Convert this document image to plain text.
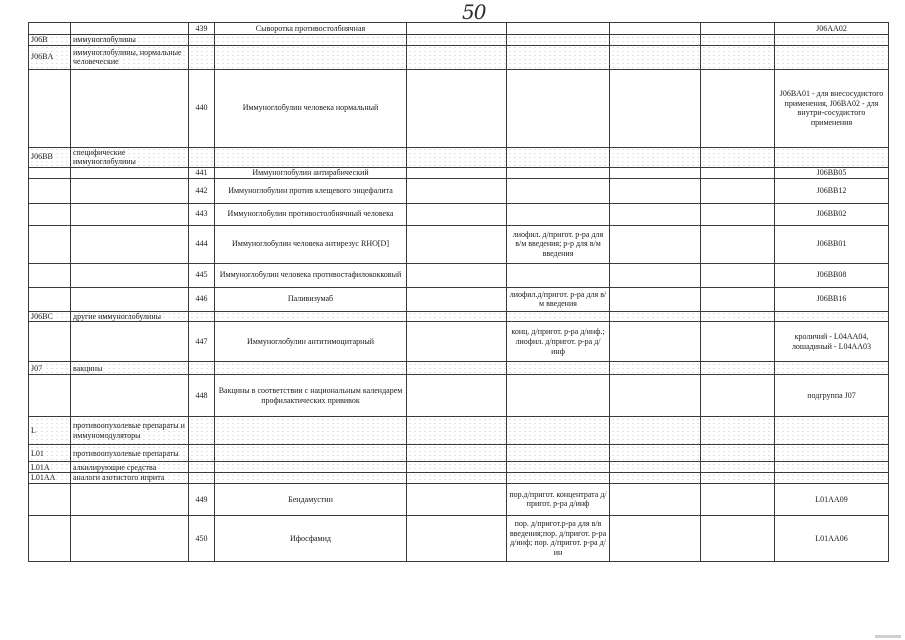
50
		439	Сыворотка противостолбнячная					J06AA02
J06B	иммуноглобулины							
J06BA	иммуноглобулины, нормальные человеческие							
		440	Иммуноглобулин человека нормальный					J06BA01 - для внесосудистого применения, J06BA02 - для внутри-сосудистого применения
J06BB	специфические иммуноглобулины							
		441	Иммуноглобулин антирабический					J06BB05
		442	Иммуноглобулин против клещевого энцефалита					J06BB12
		443	Иммуноглобулин противостолбнячный человека					J06BB02
		444	Иммуноглобулин человека антирезус RHO[D]		лиофил. д/пригот. р-ра для в/м введения; р-р для в/м введения			J06BB01
		445	Иммуноглобулин человека противостафилококковый					J06BB08
		446	Паливизумаб		лиофил.д/пригот. р-ра для в/м введения			J06BB16
J06BC	другие иммуноглобулины							
		447	Иммуноглобулин антитимоцитарный		конц. д/пригот. р-ра д/инф.; лиофил. д/пригот. р-ра д/инф			кроличий - L04AA04, лошадиный - L04AA03
J07	вакцины							
		448	Вакцины в соответствии с национальным календарем профилактических прививок					подгруппа J07
L	противоопухолевые препараты и иммуномодуляторы							
L01	противоопухолевые препараты							
L01A	алкилирующие средства							
L01AA	аналоги азотистого иприта							
		449	Бендамустин		пор.д/пригот. концентрата д/пригот. р-ра д/инф			L01AA09
		450	Ифосфамид		пор. д/пригот.р-ра для в/в введения;пор. д/пригот. р-ра д/инф; пор. д/пригот. р-ра д/ин			L01AA06
